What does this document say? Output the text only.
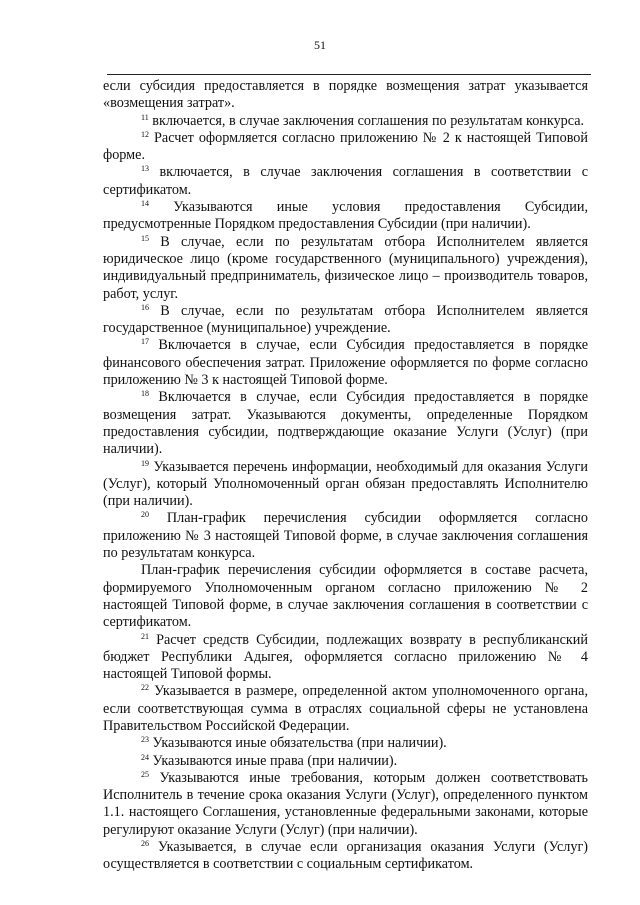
51

если субсидия предоставляется в порядке возмещения затрат указывается «возмещения затрат».

$^{11}$ включается, в случае заключения соглашения по результатам конкурса.

$^{12}$ Расчет оформляется согласно приложению № 2 к настоящей Типовой форме.

$^{13}$ включается, в случае заключения соглашения в соответствии с сертификатом.

$^{14}$ Указываются иные условия предоставления Субсидии, предусмотренные Порядком предоставления Субсидии (при наличии).

$^{15}$ В случае, если по результатам отбора Исполнителем является юридическое лицо (кроме государственного (муниципального) учреждения), индивидуальный предприниматель, физическое лицо – производитель товаров, работ, услуг.

$^{16}$ В случае, если по результатам отбора Исполнителем является государственное (муниципальное) учреждение.

$^{17}$ Включается в случае, если Субсидия предоставляется в порядке финансового обеспечения затрат. Приложение оформляется по форме согласно приложению № 3 к настоящей Типовой форме.

$^{18}$ Включается в случае, если Субсидия предоставляется в порядке возмещения затрат. Указываются документы, определенные Порядком предоставления субсидии, подтверждающие оказание Услуги (Услуг) (при наличии).

$^{19}$ Указывается перечень информации, необходимый для оказания Услуги (Услуг), который Уполномоченный орган обязан предоставлять Исполнителю (при наличии).

$^{20}$ План-график перечисления субсидии оформляется согласно приложению № 3 настоящей Типовой форме, в случае заключения соглашения по результатам конкурса.

План-график перечисления субсидии оформляется в составе расчета, формируемого Уполномоченным органом согласно приложению № 2 настоящей Типовой форме, в случае заключения соглашения в соответствии с сертификатом.

$^{21}$ Расчет средств Субсидии, подлежащих возврату в республиканский бюджет Республики Адыгея, оформляется согласно приложению № 4 настоящей Типовой формы.

$^{22}$ Указывается в размере, определенной актом уполномоченного органа, если соответствующая сумма в отраслях социальной сферы не установлена Правительством Российской Федерации.

$^{23}$ Указываются иные обязательства (при наличии).

$^{24}$ Указываются иные права (при наличии).

$^{25}$ Указываются иные требования, которым должен соответствовать Исполнитель в течение срока оказания Услуги (Услуг), определенного пунктом 1.1. настоящего Соглашения, установленные федеральными законами, которые регулируют оказание Услуги (Услуг) (при наличии).

$^{26}$ Указывается, в случае если организация оказания Услуги (Услуг) осуществляется в соответствии с социальным сертификатом.
